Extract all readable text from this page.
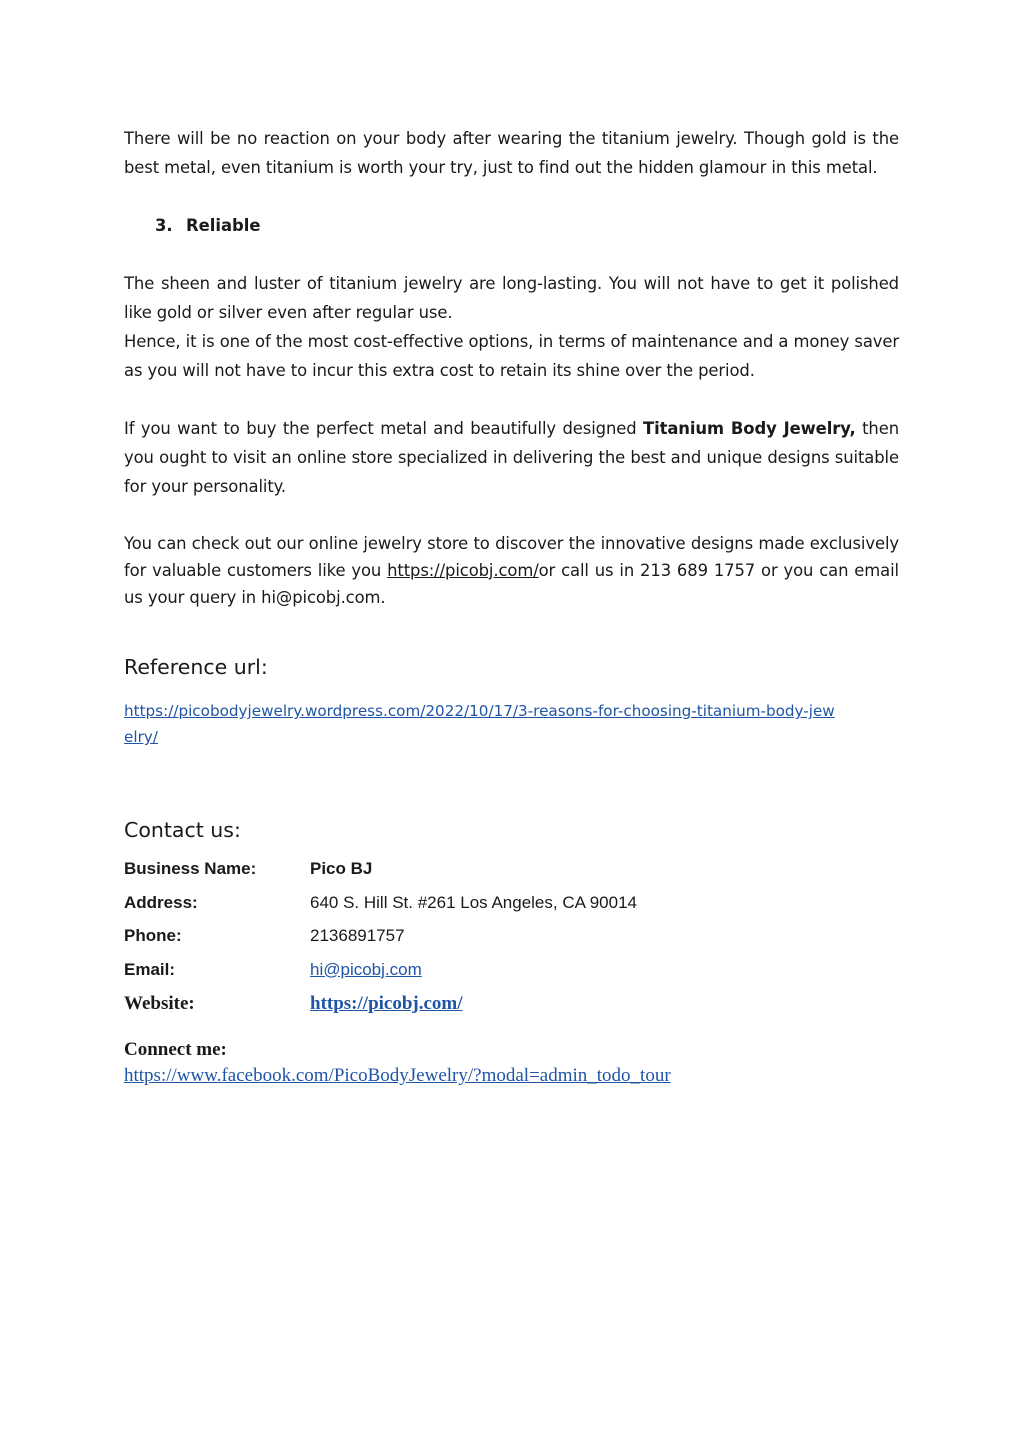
There will be no reaction on your body after wearing the titanium jewelry. Though gold is the best metal, even titanium is worth your try, just to find out the hidden glamour in this metal.

3. Reliable

The sheen and luster of titanium jewelry are long-lasting. You will not have to get it polished like gold or silver even after regular use.

Hence, it is one of the most cost-effective options, in terms of maintenance and a money saver as you will not have to incur this extra cost to retain its shine over the period.

If you want to buy the perfect metal and beautifully designed Titanium Body Jewelry, then you ought to visit an online store specialized in delivering the best and unique designs suitable for your personality.

You can check out our online jewelry store to discover the innovative designs made exclusively for valuable customers like you https://picobj.com/or call us in 213 689 1757 or you can email us your query in hi@picobj.com.

Reference url:
https://picobodyjewelry.wordpress.com/2022/10/17/3-reasons-for-choosing-titanium-body-jewelry/
Contact us:
Business Name:	Pico BJ
Address:	640 S. Hill St. #261 Los Angeles, CA 90014
Phone:	2136891757
Email:	hi@picobj.com
Website:	https://picobj.com/

Connect me:

https://www.facebook.com/PicoBodyJewelry/?modal=admin_todo_tour
